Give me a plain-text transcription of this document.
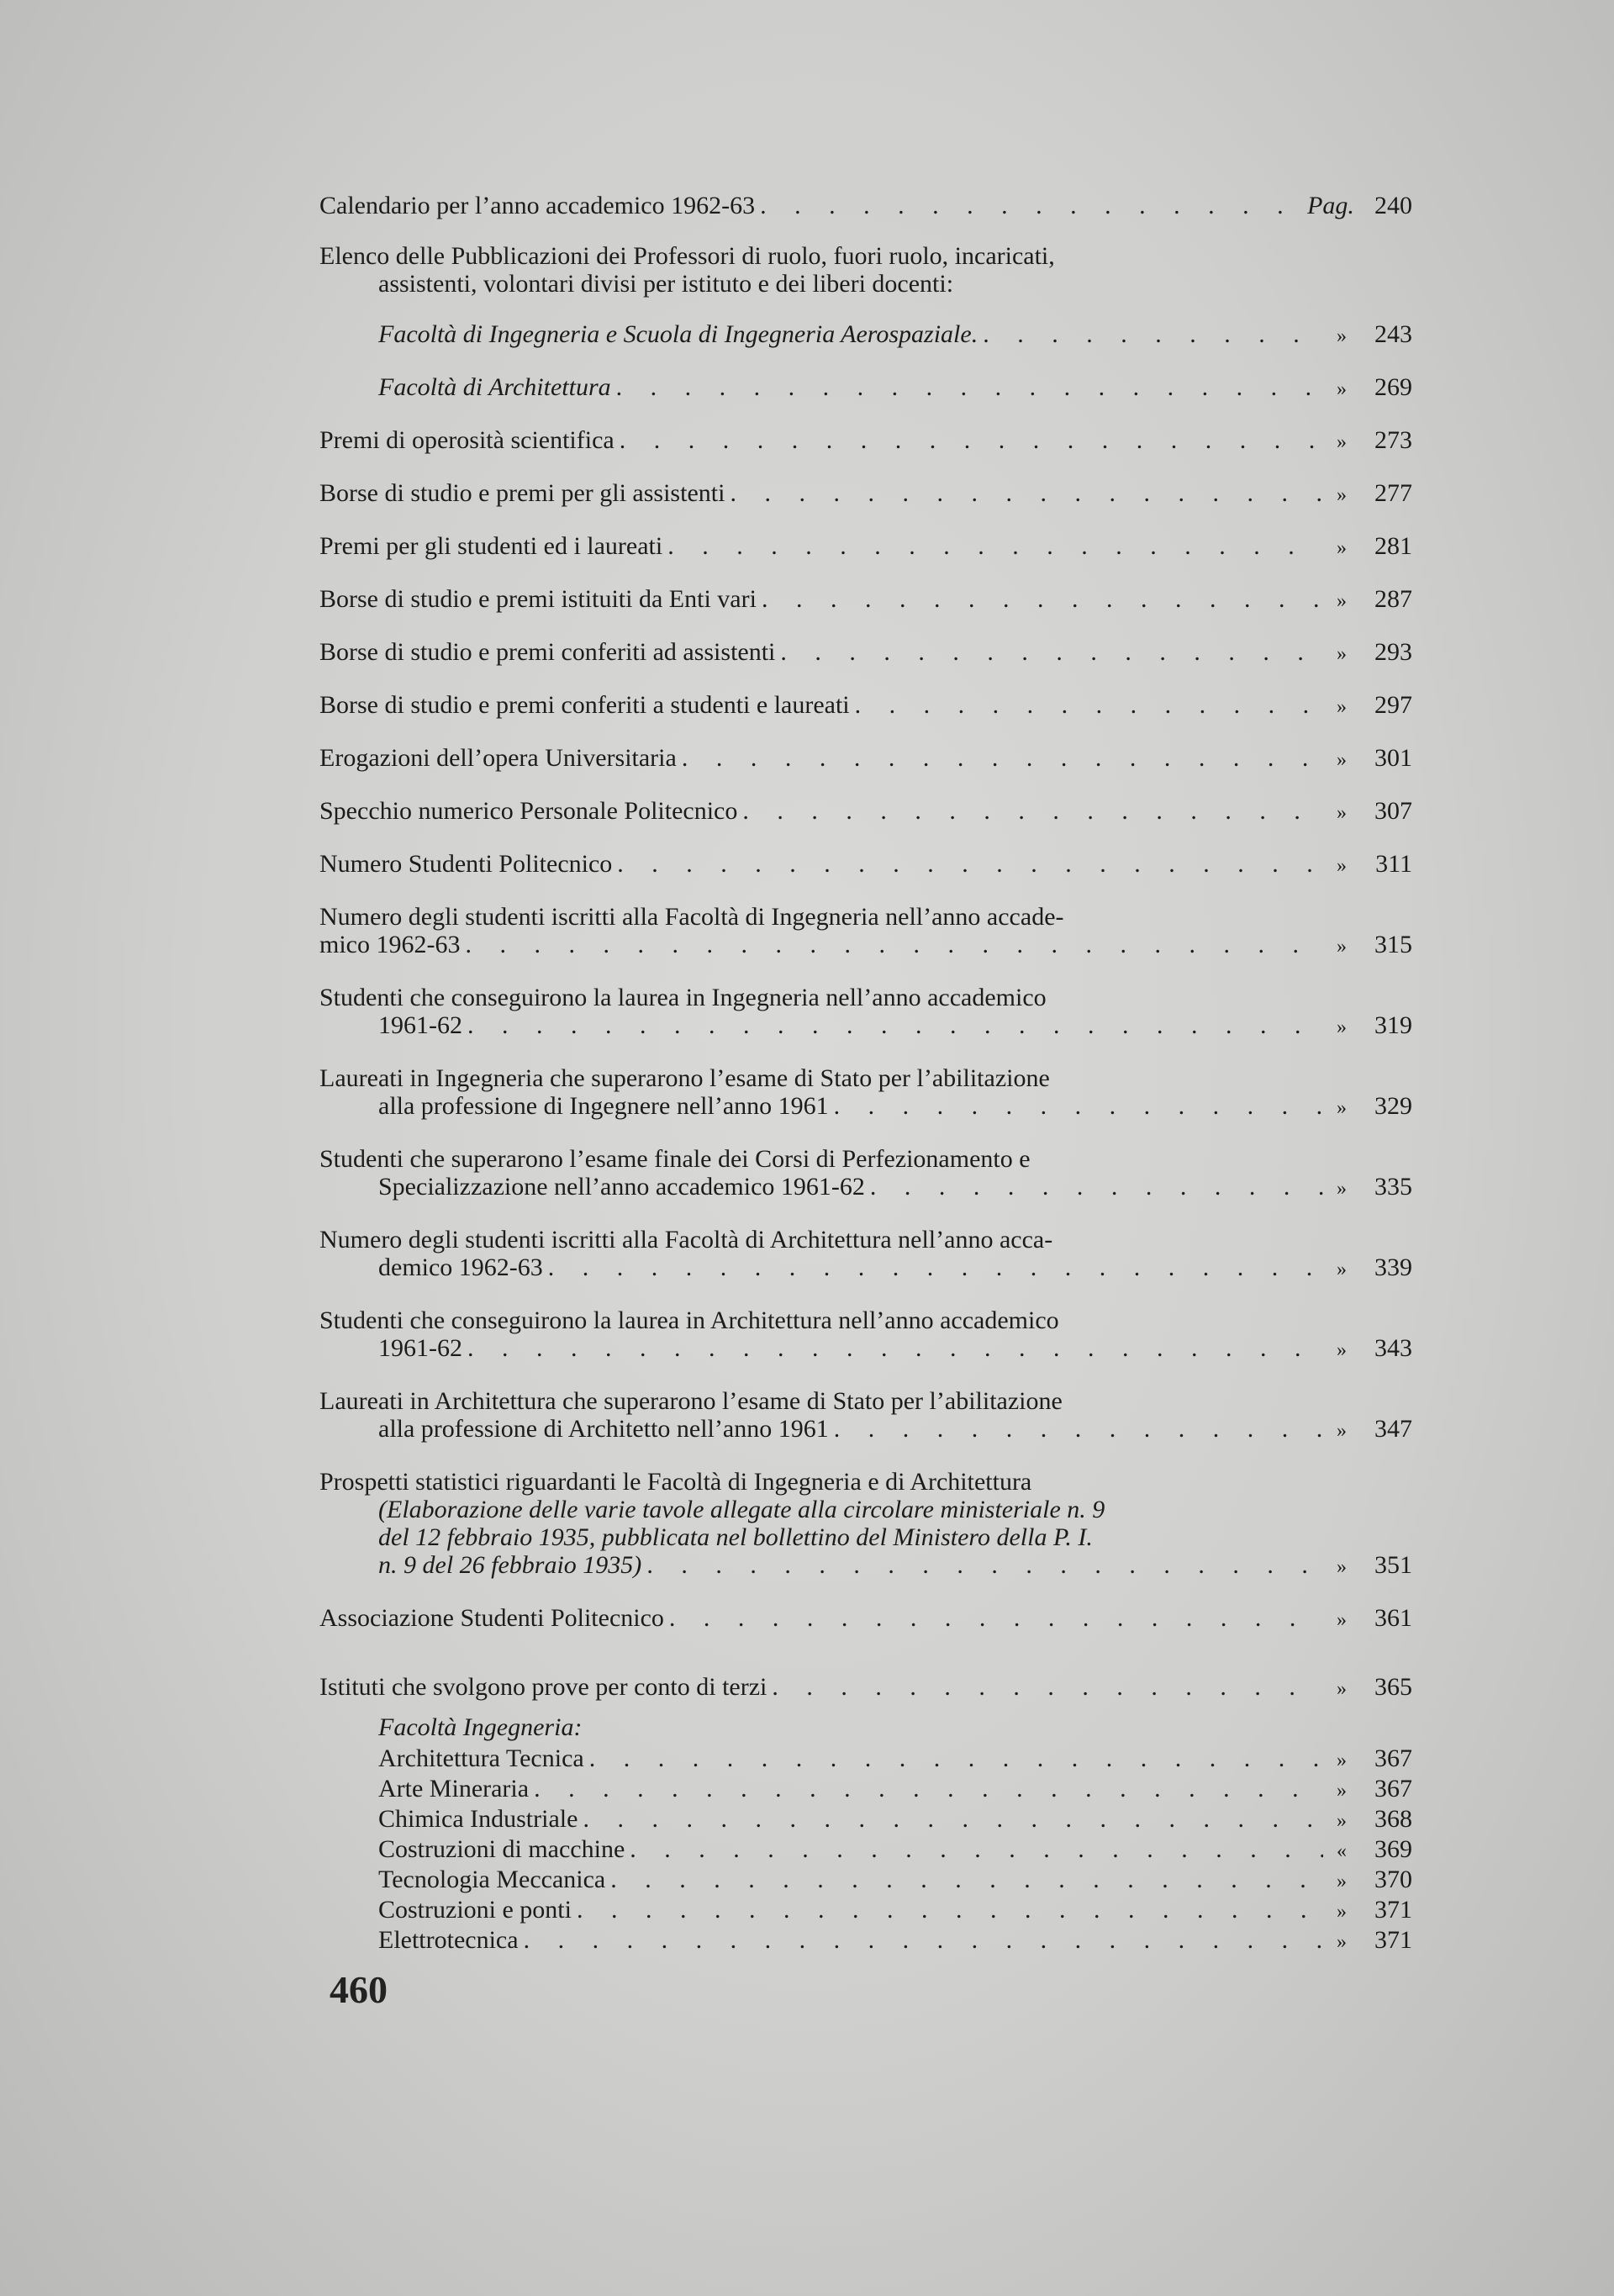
Calendario per l’anno accademico 1962-63 . . .	Pag. 240
Elenco delle Pubblicazioni dei Professori di ruolo, fuori ruolo, incaricati,
assistenti, volontari divisi per istituto e dei liberi docenti:
Facoltà di Ingegneria e Scuola di Ingegneria Aerospaziale. . . .	»	243
Facoltà di Architettura . . .	»	269
Premi di operosità scientifica . . .	»	273
Borse di studio e premi per gli assistenti . . .	»	277
Premi per gli studenti ed i laureati . . .	»	281
Borse di studio e premi istituiti da Enti vari . . .	»	287
Borse di studio e premi conferiti ad assistenti . . .	»	293
Borse di studio e premi conferiti a studenti e laureati . . .	»	297
Erogazioni dell’opera Universitaria . . .	»	301
Specchio numerico Personale Politecnico . . .	»	307
Numero Studenti Politecnico . . .	»	311
Numero degli studenti iscritti alla Facoltà di Ingegneria nell’anno accade-
mico 1962-63 . . .	»	315
Studenti che conseguirono la laurea in Ingegneria nell’anno accademico
1961-62 . . .	»	319
Laureati in Ingegneria che superarono l’esame di Stato per l’abilitazione
alla professione di Ingegnere nell’anno 1961 . . .	»	329
Studenti che superarono l’esame finale dei Corsi di Perfezionamento e
Specializzazione nell’anno accademico 1961-62 . . .	»	335
Numero degli studenti iscritti alla Facoltà di Architettura nell’anno acca-
demico 1962-63 . . .	»	339
Studenti che conseguirono la laurea in Architettura nell’anno accademico
1961-62 . . .	»	343
Laureati in Architettura che superarono l’esame di Stato per l’abilitazione
alla professione di Architetto nell’anno 1961 . . .	»	347
Prospetti statistici riguardanti le Facoltà di Ingegneria e di Architettura
(Elaborazione delle varie tavole allegate alla circolare ministeriale n. 9
del 12 febbraio 1935, pubblicata nel bollettino del Ministero della P. I.
n. 9 del 26 febbraio 1935) . . .	»	351
Associazione Studenti Politecnico . . .	»	361
Istituti che svolgono prove per conto di terzi . . .	»	365
Facoltà Ingegneria:
Architettura Tecnica . . .	»	367
Arte Mineraria . . .	»	367
Chimica Industriale . . .	»	368
Costruzioni di macchine . . .	«	369
Tecnologia Meccanica . . .	»	370
Costruzioni e ponti . . .	»	371
Elettrotecnica . . .	»	371
460
